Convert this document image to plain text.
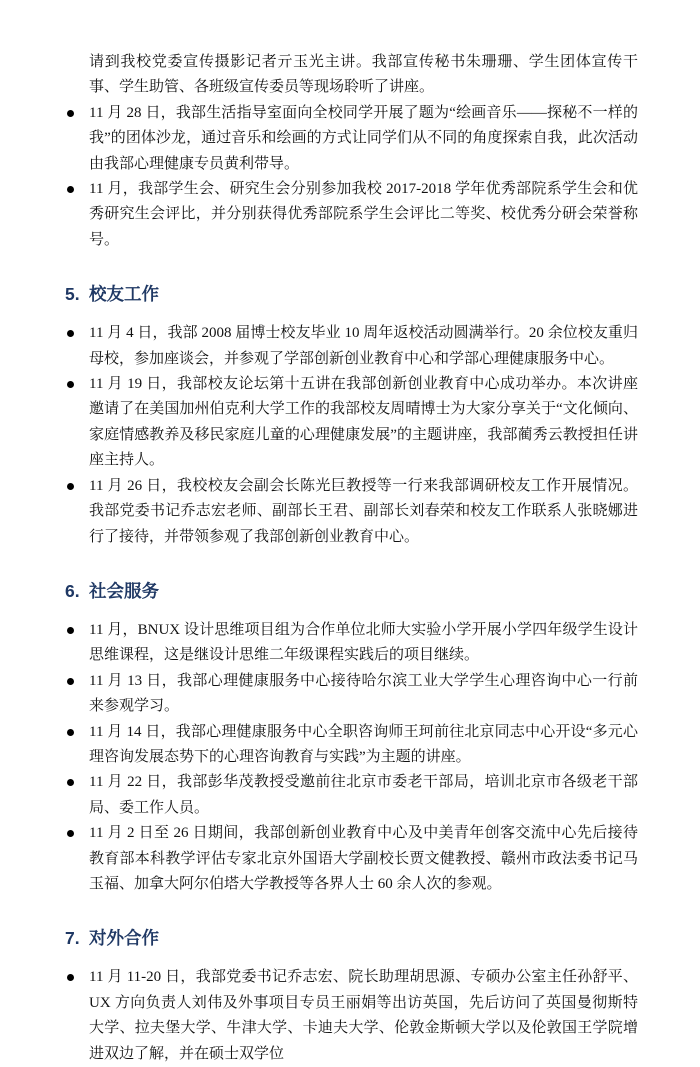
请到我校党委宣传摄影记者亓玉光主讲。我部宣传秘书朱珊珊、学生团体宣传干事、学生助管、各班级宣传委员等现场聆听了讲座。

11 月 28 日，我部生活指导室面向全校同学开展了题为“绘画音乐——探秘不一样的我”的团体沙龙，通过音乐和绘画的方式让同学们从不同的角度探索自我，此次活动由我部心理健康专员黄利带导。
11 月，我部学生会、研究生会分别参加我校 2017-2018 学年优秀部院系学生会和优秀研究生会评比，并分别获得优秀部院系学生会评比二等奖、校优秀分研会荣誉称号。
5. 校友工作
11 月 4 日，我部 2008 届博士校友毕业 10 周年返校活动圆满举行。20 余位校友重归母校，参加座谈会，并参观了学部创新创业教育中心和学部心理健康服务中心。
11 月 19 日，我部校友论坛第十五讲在我部创新创业教育中心成功举办。本次讲座邀请了在美国加州伯克利大学工作的我部校友周晴博士为大家分享关于“文化倾向、家庭情感教养及移民家庭儿童的心理健康发展”的主题讲座，我部蔺秀云教授担任讲座主持人。
11 月 26 日，我校校友会副会长陈光巨教授等一行来我部调研校友工作开展情况。我部党委书记乔志宏老师、副部长王君、副部长刘春荣和校友工作联系人张晓娜进行了接待，并带领参观了我部创新创业教育中心。
6. 社会服务
11 月，BNUX 设计思维项目组为合作单位北师大实验小学开展小学四年级学生设计思维课程，这是继设计思维二年级课程实践后的项目继续。
11 月 13 日，我部心理健康服务中心接待哈尔滨工业大学学生心理咨询中心一行前来参观学习。
11 月 14 日，我部心理健康服务中心全职咨询师王珂前往北京同志中心开设“多元心理咨询发展态势下的心理咨询教育与实践”为主题的讲座。
11 月 22 日，我部彭华茂教授受邀前往北京市委老干部局，培训北京市各级老干部局、委工作人员。
11 月 2 日至 26 日期间，我部创新创业教育中心及中美青年创客交流中心先后接待教育部本科教学评估专家北京外国语大学副校长贾文健教授、赣州市政法委书记马玉福、加拿大阿尔伯塔大学教授等各界人士 60 余人次的参观。
7. 对外合作
11 月 11-20 日，我部党委书记乔志宏、院长助理胡思源、专硕办公室主任孙舒平、UX 方向负责人刘伟及外事项目专员王丽娟等出访英国，先后访问了英国曼彻斯特大学、拉夫堡大学、牛津大学、卡迪夫大学、伦敦金斯顿大学以及伦敦国王学院增进双边了解，并在硕士双学位
